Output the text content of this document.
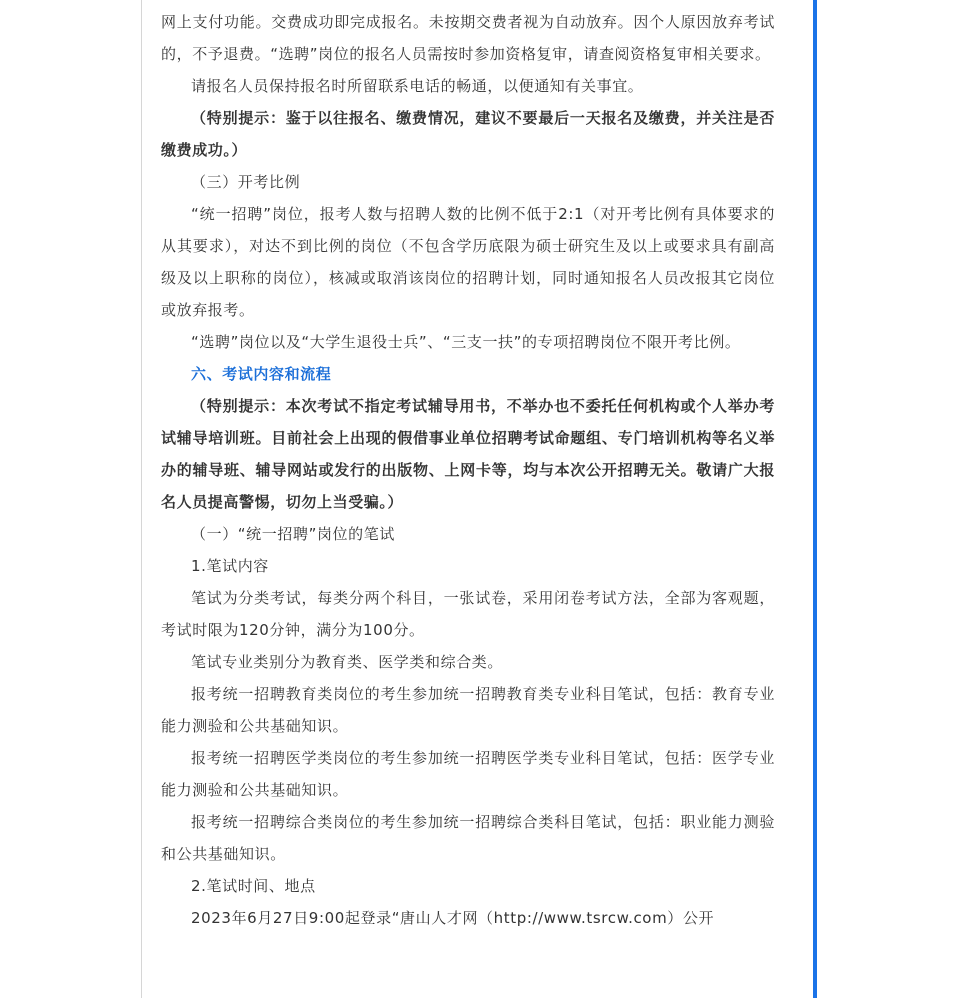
网上支付功能。交费成功即完成报名。未按期交费者视为自动放弃。因个人原因放弃考试的，不予退费。“选聘”岗位的报名人员需按时参加资格复审，请查阅资格复审相关要求。

请报名人员保持报名时所留联系电话的畅通，以便通知有关事宜。

（特别提示：鉴于以往报名、缴费情况，建议不要最后一天报名及缴费，并关注是否缴费成功。）

（三）开考比例

“统一招聘”岗位，报考人数与招聘人数的比例不低于2:1（对开考比例有具体要求的从其要求），对达不到比例的岗位（不包含学历底限为硕士研究生及以上或要求具有副高级及以上职称的岗位），核减或取消该岗位的招聘计划，同时通知报名人员改报其它岗位或放弃报考。

“选聘”岗位以及“大学生退役士兵”、“三支一扶”的专项招聘岗位不限开考比例。

六、考试内容和流程

（特别提示：本次考试不指定考试辅导用书，不举办也不委托任何机构或个人举办考试辅导培训班。目前社会上出现的假借事业单位招聘考试命题组、专门培训机构等名义举办的辅导班、辅导网站或发行的出版物、上网卡等，均与本次公开招聘无关。敬请广大报名人员提高警惕，切勿上当受骗。）

（一）“统一招聘”岗位的笔试

1.笔试内容

笔试为分类考试，每类分两个科目，一张试卷，采用闭卷考试方法，全部为客观题，考试时限为120分钟，满分为100分。

笔试专业类别分为教育类、医学类和综合类。

报考统一招聘教育类岗位的考生参加统一招聘教育类专业科目笔试，包括：教育专业能力测验和公共基础知识。

报考统一招聘医学类岗位的考生参加统一招聘医学类专业科目笔试，包括：医学专业能力测验和公共基础知识。

报考统一招聘综合类岗位的考生参加统一招聘综合类科目笔试，包括：职业能力测验和公共基础知识。

2.笔试时间、地点

2023年6月27日9:00起登录“唐山人才网（http://www.tsrcw.com）公开
